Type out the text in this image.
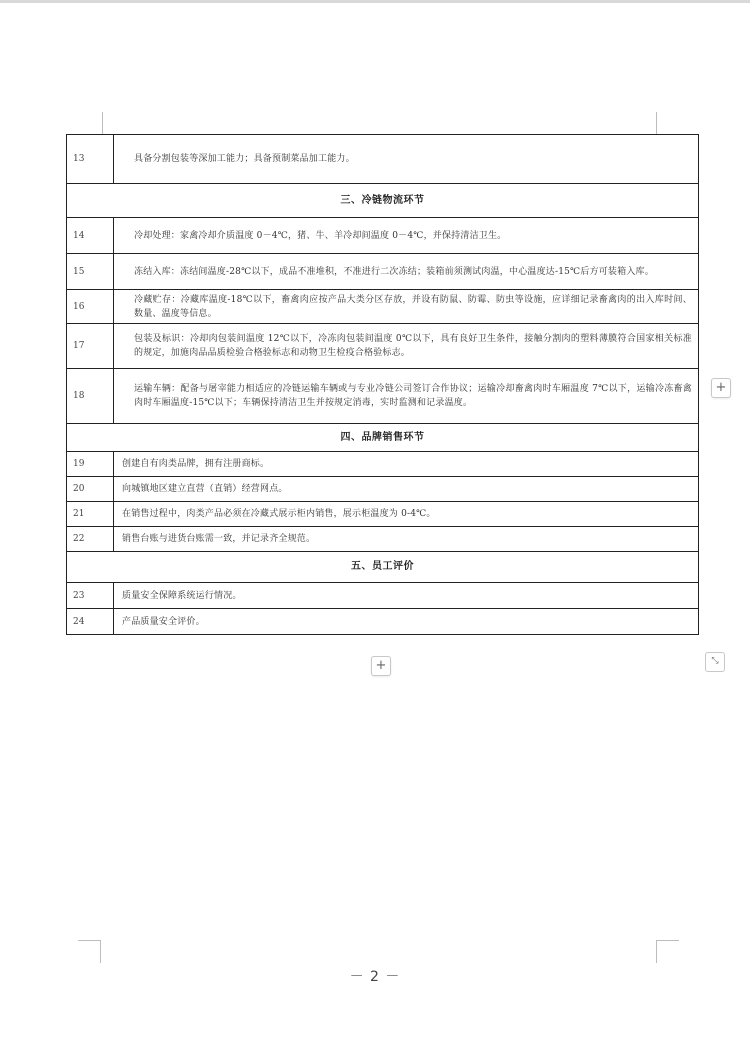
13	具备分割包装等深加工能力；具备预制菜品加工能力。

三、冷链物流环节	
14	冷却处理：家禽冷却介质温度 0－4℃，猪、牛、羊冷却间温度 0－4℃，并保持清洁卫生。

15	冻结入库：冻结间温度-28℃以下，成品不准堆积，不准进行二次冻结；装箱前须测试肉温，中心温度达-15℃后方可装箱入库。

16	冷藏贮存：冷藏库温度-18℃以下，畜禽肉应按产品大类分区存放，并设有防鼠、防霉、防虫等设施，应详细记录畜禽肉的出入库时间、数量、温度等信息。

17	包装及标识：冷却肉包装间温度 12℃以下，冷冻肉包装间温度 0℃以下，具有良好卫生条件，接触分割肉的塑料薄膜符合国家相关标准的规定，加施肉品品质检验合格验标志和动物卫生检疫合格验标志。

18	运输车辆：配备与屠宰能力相适应的冷链运输车辆或与专业冷链公司签订合作协议；运输冷却畜禽肉时车厢温度 7℃以下，运输冷冻畜禽肉时车厢温度-15℃以下；车辆保持清洁卫生并按规定消毒，实时监测和记录温度。

四、品牌销售环节	
19	创建自有肉类品牌，拥有注册商标。

20	向城镇地区建立直营（直销）经营网点。

21	在销售过程中，肉类产品必须在冷藏式展示柜内销售，展示柜温度为 0-4℃。

22	销售台账与进货台账需一致，并记录齐全规范。

五、员工评价	
23	质量安全保障系统运行情况。

24	产品质量安全评价。
+
+	⤡
－ 2 －
